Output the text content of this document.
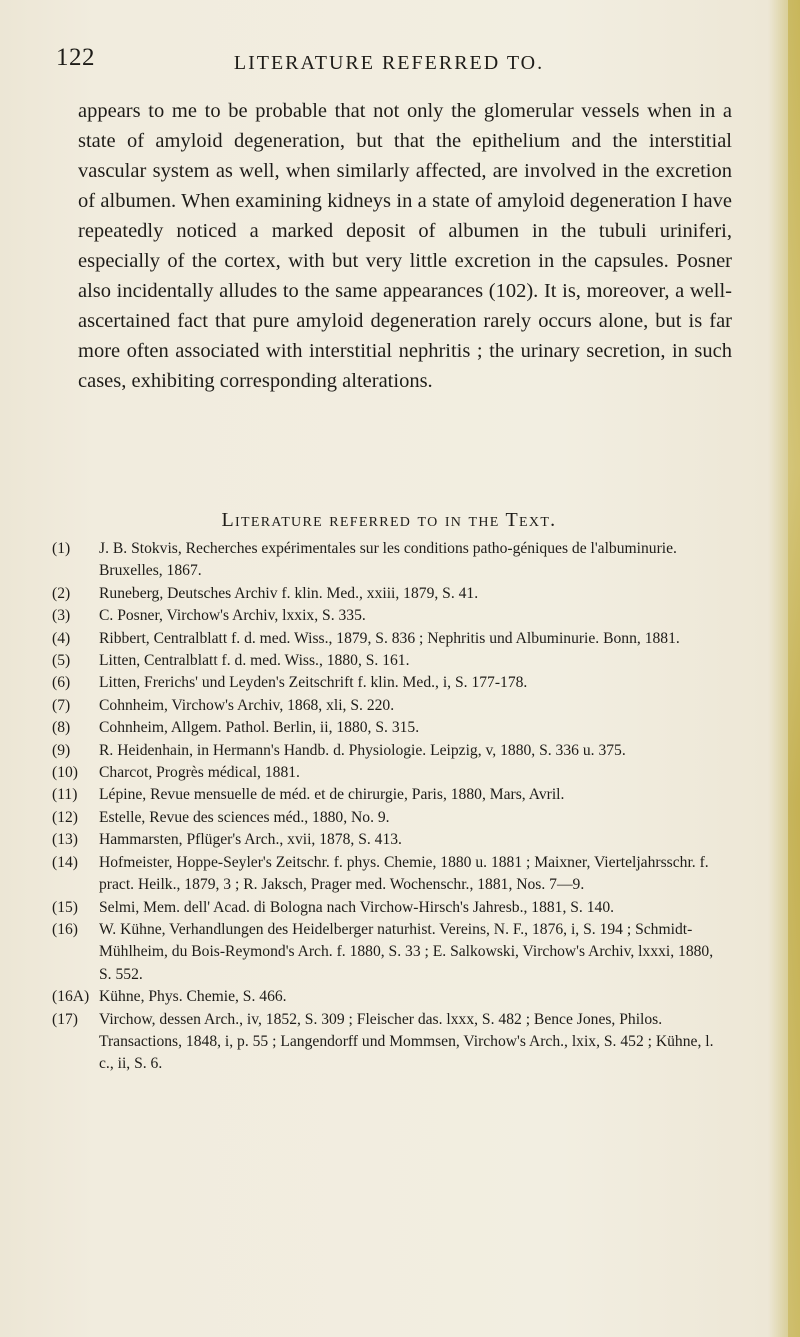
122	LITERATURE REFERRED TO.

appears to me to be probable that not only the glomerular vessels when in a state of amyloid degeneration, but that the epithelium and the interstitial vascular system as well, when similarly affected, are involved in the excretion of albumen. When examining kidneys in a state of amyloid degeneration I have repeatedly noticed a marked deposit of albumen in the tubuli uriniferi, especially of the cortex, with but very little excretion in the capsules. Posner also incidentally alludes to the same appearances (102). It is, moreover, a well-ascertained fact that pure amyloid degeneration rarely occurs alone, but is far more often associated with interstitial nephritis ; the urinary secretion, in such cases, exhibiting corresponding alterations.

Literature referred to in the Text.
(1)	J. B. Stokvis, Recherches expérimentales sur les conditions patho-géniques de l'albuminurie. Bruxelles, 1867.
(2)	Runeberg, Deutsches Archiv f. klin. Med., xxiii, 1879, S. 41.
(3)	C. Posner, Virchow's Archiv, lxxix, S. 335.
(4)	Ribbert, Centralblatt f. d. med. Wiss., 1879, S. 836 ; Nephritis und Albuminurie. Bonn, 1881.
(5)	Litten, Centralblatt f. d. med. Wiss., 1880, S. 161.
(6)	Litten, Frerichs' und Leyden's Zeitschrift f. klin. Med., i, S. 177-178.
(7)	Cohnheim, Virchow's Archiv, 1868, xli, S. 220.
(8)	Cohnheim, Allgem. Pathol. Berlin, ii, 1880, S. 315.
(9)	R. Heidenhain, in Hermann's Handb. d. Physiologie. Leipzig, v, 1880, S. 336 u. 375.
(10)	Charcot, Progrès médical, 1881.
(11)	Lépine, Revue mensuelle de méd. et de chirurgie, Paris, 1880, Mars, Avril.
(12)	Estelle, Revue des sciences méd., 1880, No. 9.
(13)	Hammarsten, Pflüger's Arch., xvii, 1878, S. 413.
(14)	Hofmeister, Hoppe-Seyler's Zeitschr. f. phys. Chemie, 1880 u. 1881 ; Maixner, Vierteljahrsschr. f. pract. Heilk., 1879, 3 ; R. Jaksch, Prager med. Wochenschr., 1881, Nos. 7—9.
(15)	Selmi, Mem. dell' Acad. di Bologna nach Virchow-Hirsch's Jahresb., 1881, S. 140.
(16)	W. Kühne, Verhandlungen des Heidelberger naturhist. Vereins, N. F., 1876, i, S. 194 ; Schmidt-Mühlheim, du Bois-Reymond's Arch. f. 1880, S. 33 ; E. Salkowski, Virchow's Archiv, lxxxi, 1880, S. 552.
(16A) Kühne, Phys. Chemie, S. 466.
(17)	Virchow, dessen Arch., iv, 1852, S. 309 ; Fleischer das. lxxx, S. 482 ; Bence Jones, Philos. Transactions, 1848, i, p. 55 ; Langendorff und Mommsen, Virchow's Arch., lxix, S. 452 ; Kühne, l. c., ii, S. 6.
